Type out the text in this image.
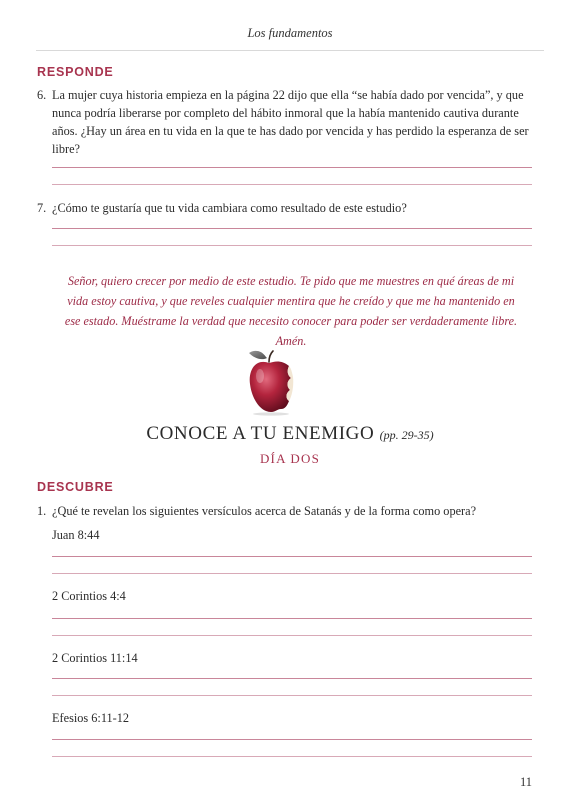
Los fundamentos
RESPONDE
6. La mujer cuya historia empieza en la página 22 dijo que ella “se había dado por vencida”, y que nunca podría liberarse por completo del hábito inmoral que la había mantenido cautiva durante años. ¿Hay un área en tu vida en la que te has dado por vencida y has perdido la esperanza de ser libre?
7. ¿Cómo te gustaría que tu vida cambiara como resultado de este estudio?
Señor, quiero crecer por medio de este estudio. Te pido que me muestres en qué áreas de mi vida estoy cautiva, y que reveles cualquier mentira que he creído y que me ha mantenido en ese estado. Muéstrame la verdad que necesito conocer para poder ser verdaderamente libre. Amén.
CONOCE A TU ENEMIGO (pp. 29-35)
DÍA DOS
DESCUBRE
1. ¿Qué te revelan los siguientes versículos acerca de Satanás y de la forma como opera?
Juan 8:44
2 Corintios 4:4
2 Corintios 11:14
Efesios 6:11-12
11
